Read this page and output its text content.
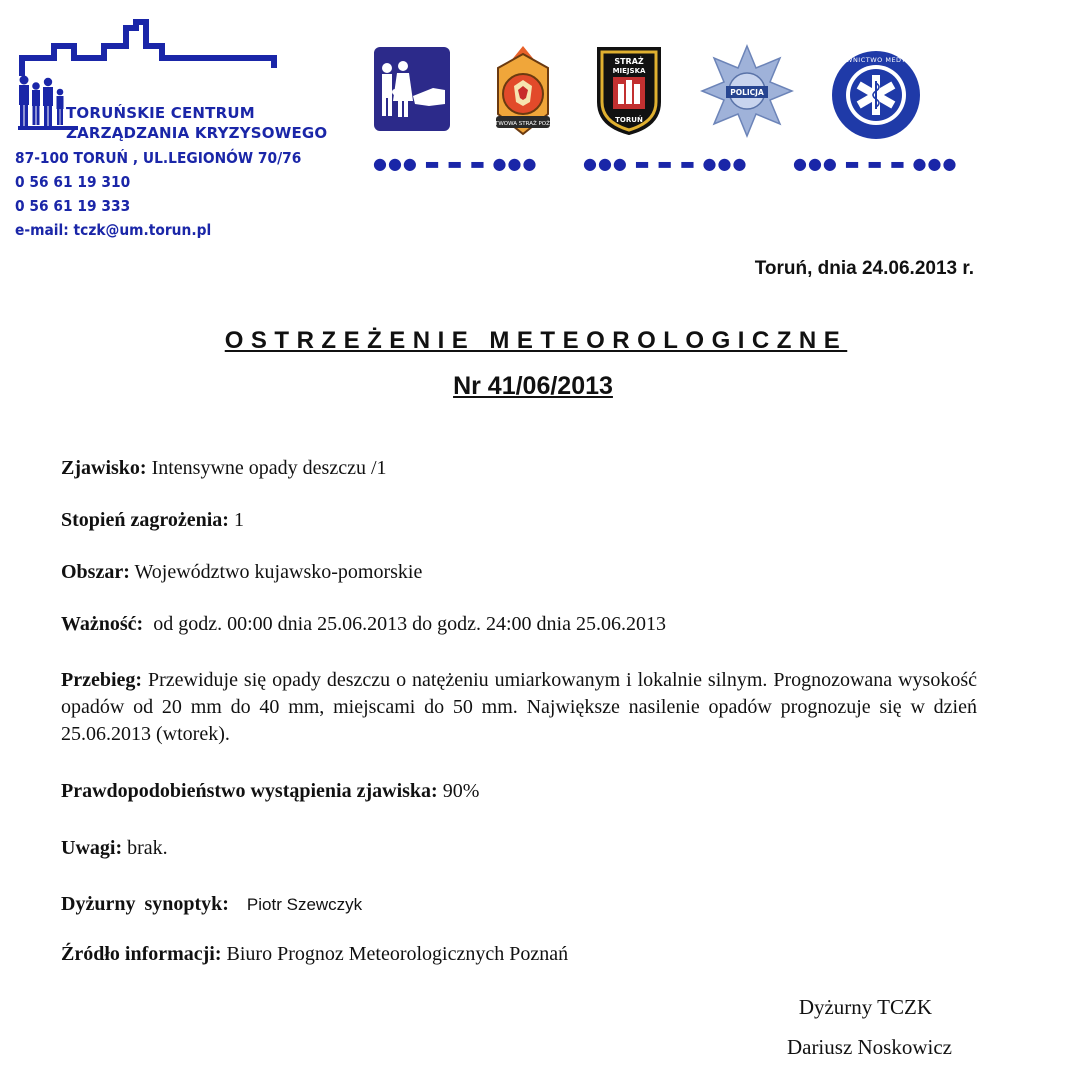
TORUŃSKIE CENTRUM
ZARZĄDZANIA KRYZYSOWEGO
87-100 TORUŃ , UL.LEGIONÓW 70/76
0 56 61 19 310
0 56 61 19 333
e-mail: tczk@um.torun.pl
PAŃSTWOWA STRAŻ POŻARNA
STRAŻ
MIEJSKA
TORUŃ
POLICJA
RATOWNICTWO MEDYCZNE
●●● ▬ ▬ ▬ ●●●	●●● ▬ ▬ ▬ ●●●	●●● ▬ ▬ ▬ ●●●
Toruń, dnia 24.06.2013 r.
OSTRZEŻENIE METEOROLOGICZNE
Nr 41/06/2013
Zjawisko: Intensywne opady deszczu /1
Stopień zagrożenia: 1
Obszar: Województwo kujawsko-pomorskie
Ważność: od godz. 00:00 dnia 25.06.2013 do godz. 24:00 dnia 25.06.2013
Przebieg: Przewiduje się opady deszczu o natężeniu umiarkowanym i lokalnie silnym. Prognozowana wysokość opadów od 20 mm do 40 mm, miejscami do 50 mm. Największe nasilenie opadów prognozuje się w dzień 25.06.2013 (wtorek).
Prawdopodobieństwo wystąpienia zjawiska: 90%
Uwagi: brak.
Dyżurny synoptyk: Piotr Szewczyk
Źródło informacji: Biuro Prognoz Meteorologicznych Poznań
Dyżurny TCZK
Dariusz Noskowicz
